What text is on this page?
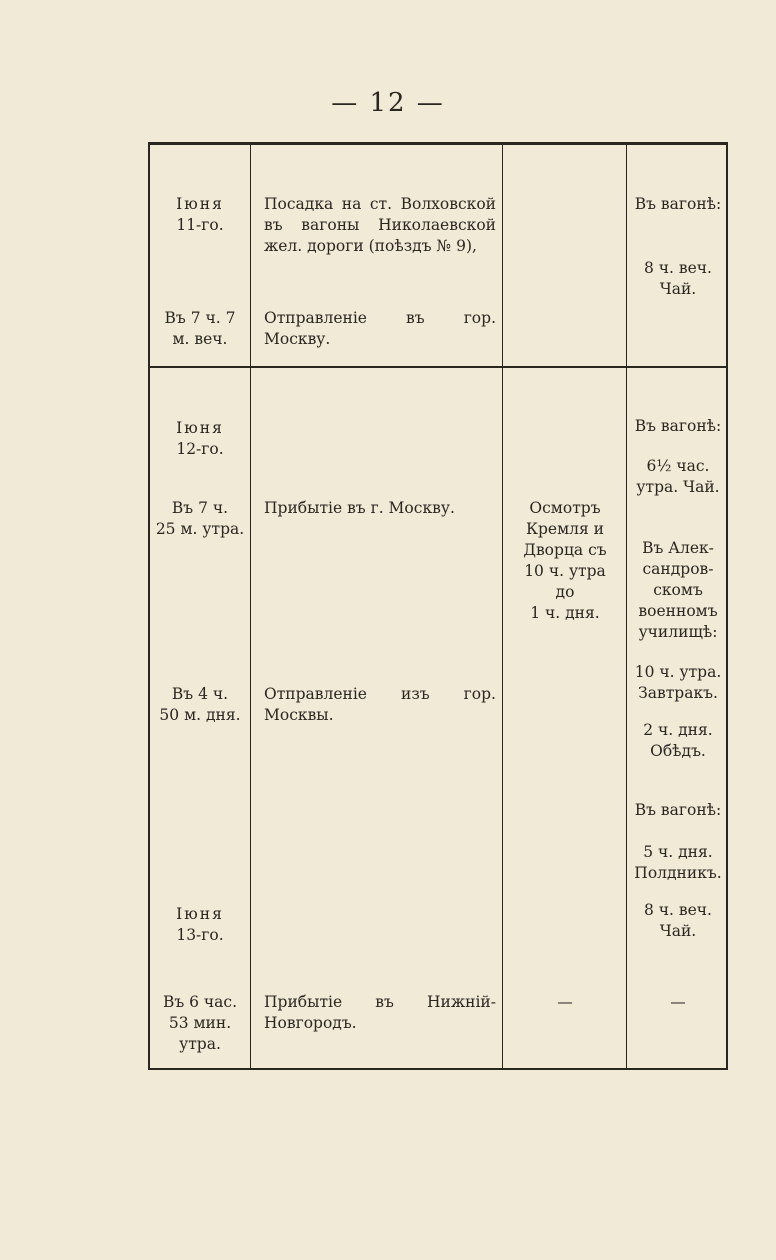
— 12 —
Іюня
11-го.
Въ 7 ч. 7
м. веч.
Посадка на ст. Волховской въ вагоны Николаевской жел. дороги (поѣздъ № 9),
Отправленіе въ гор. Москву.
Въ вагонѣ:
8 ч. веч. Чай.
Іюня
12-го.
Въ 7 ч.
25 м. утра.
Прибытіе въ г. Москву.	Осмотръ
Кремля и
Дворца съ
10 ч. утра
до
1 ч. дня.
Въ 4 ч.
50 м. дня.
Отправленіе изъ гор. Москвы.
Въ вагонѣ:
6½ час.
утра. Чай.
Въ Алек-
сандров-
скомъ
военномъ
училищѣ:
10 ч. утра.
Завтракъ.
2 ч. дня.
Обѣдъ.
Въ вагонѣ:
5 ч. дня.
Полдникъ.
8 ч. веч.
Чай.
Іюня
13-го.
Въ 6 час.
53 мин.
утра.
Прибытіе въ Нижній-Новгородъ.
—	—
